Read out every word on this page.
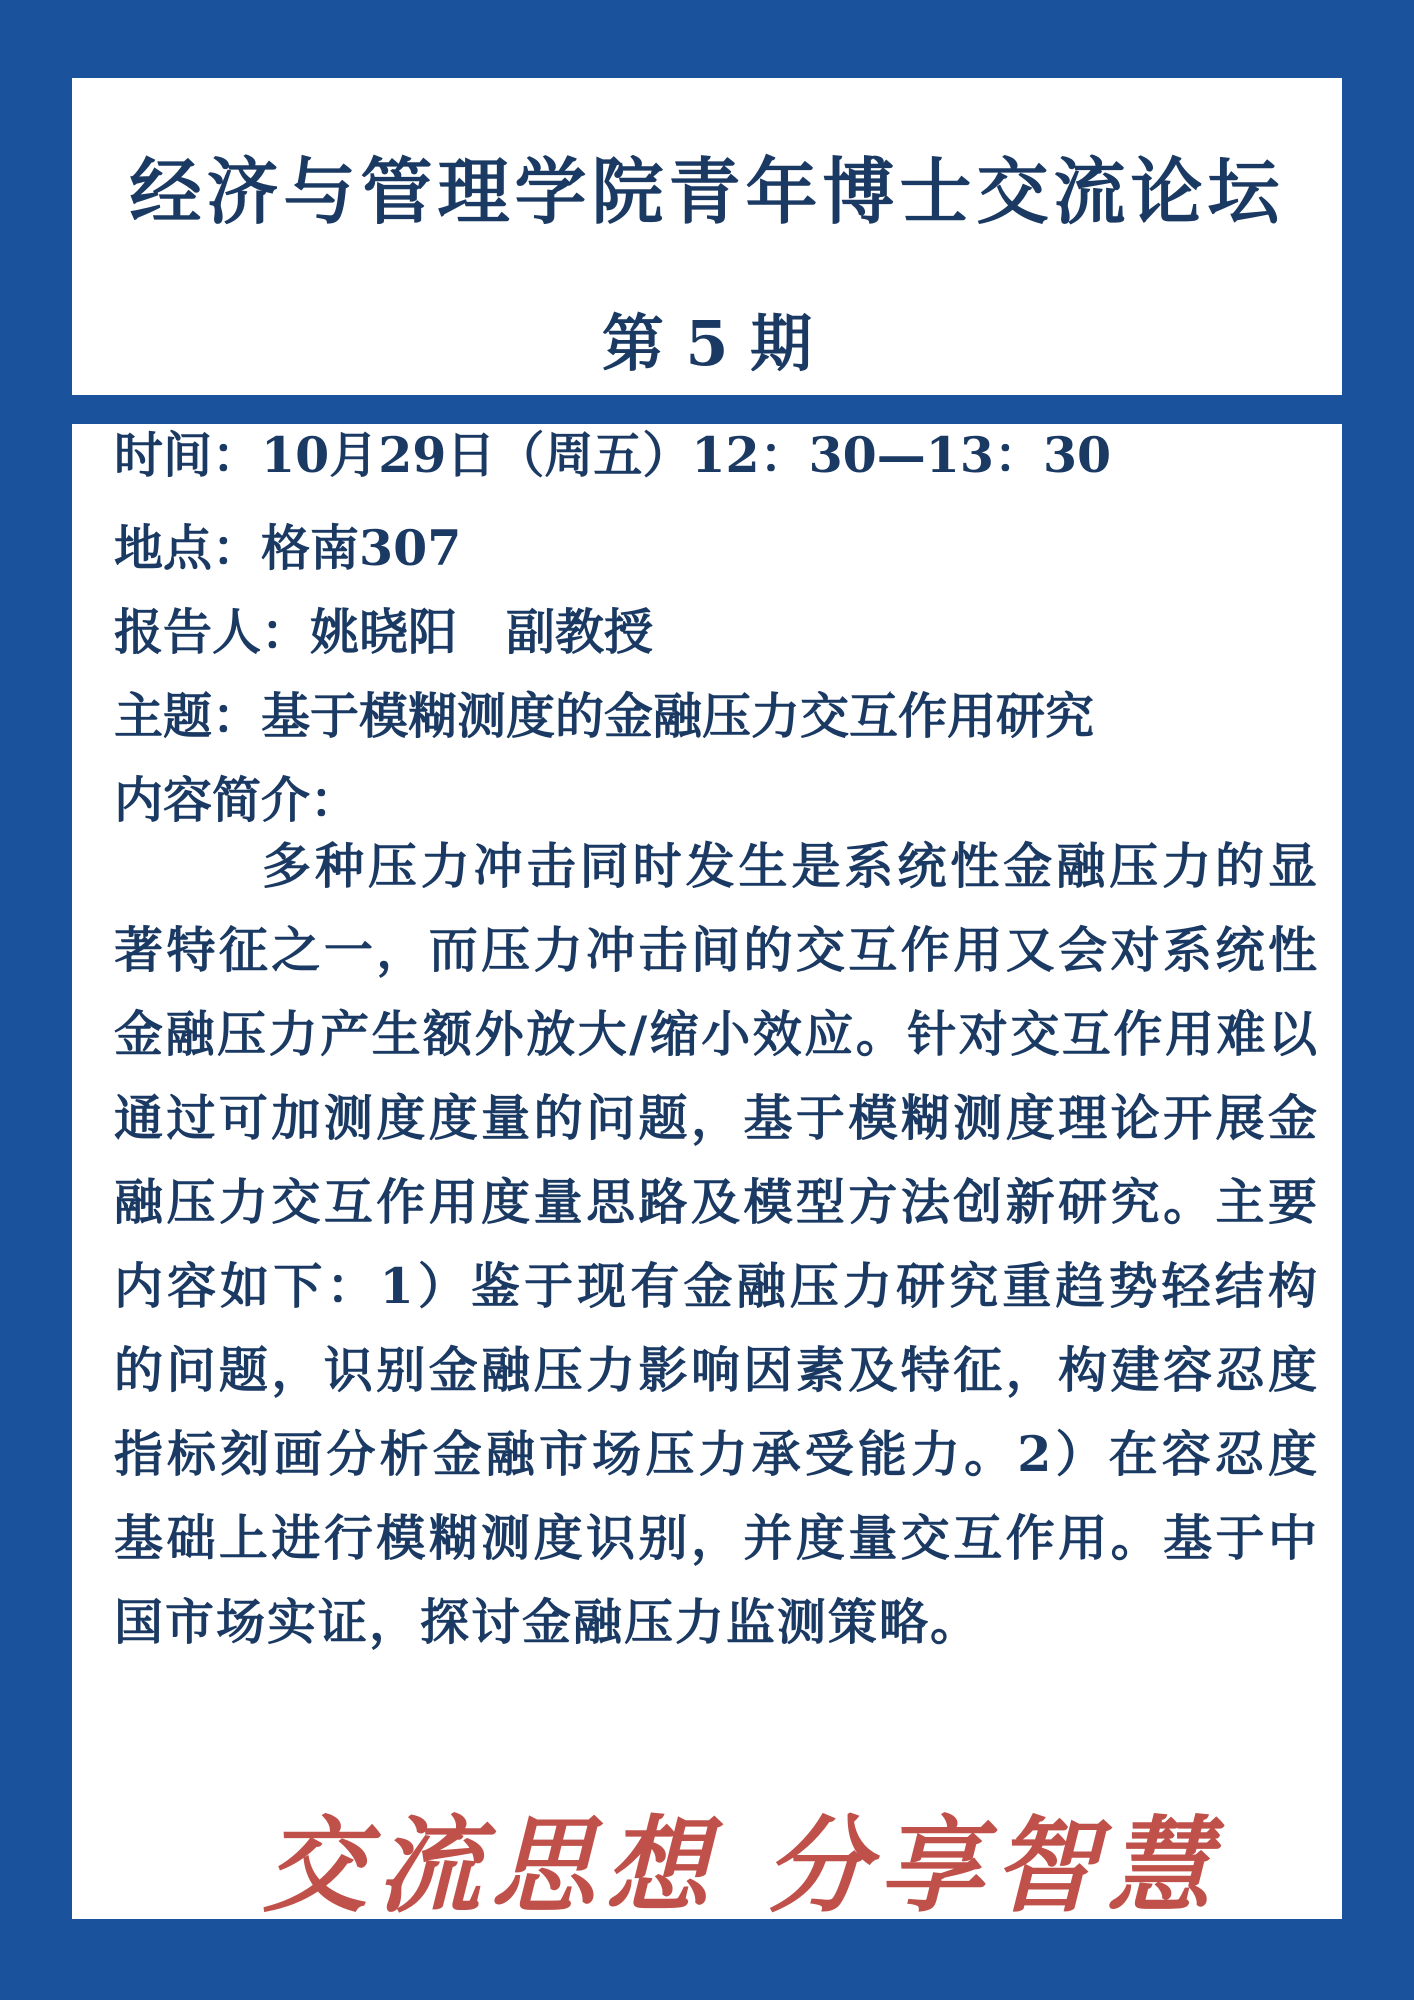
经济与管理学院青年博士交流论坛
第 5 期
时间：10月29日（周五）12：30—13：30
地点：格南307
报告人：姚晓阳　副教授
主题：基于模糊测度的金融压力交互作用研究
内容简介：

多种压力冲击同时发生是系统性金融压力的显著特征之一，而压力冲击间的交互作用又会对系统性金融压力产生额外放大/缩小效应。针对交互作用难以通过可加测度度量的问题，基于模糊测度理论开展金融压力交互作用度量思路及模型方法创新研究。主要内容如下：1）鉴于现有金融压力研究重趋势轻结构的问题，识别金融压力影响因素及特征，构建容忍度指标刻画分析金融市场压力承受能力。2）在容忍度基础上进行模糊测度识别，并度量交互作用。基于中国市场实证，探讨金融压力监测策略。

交流思想 分享智慧
